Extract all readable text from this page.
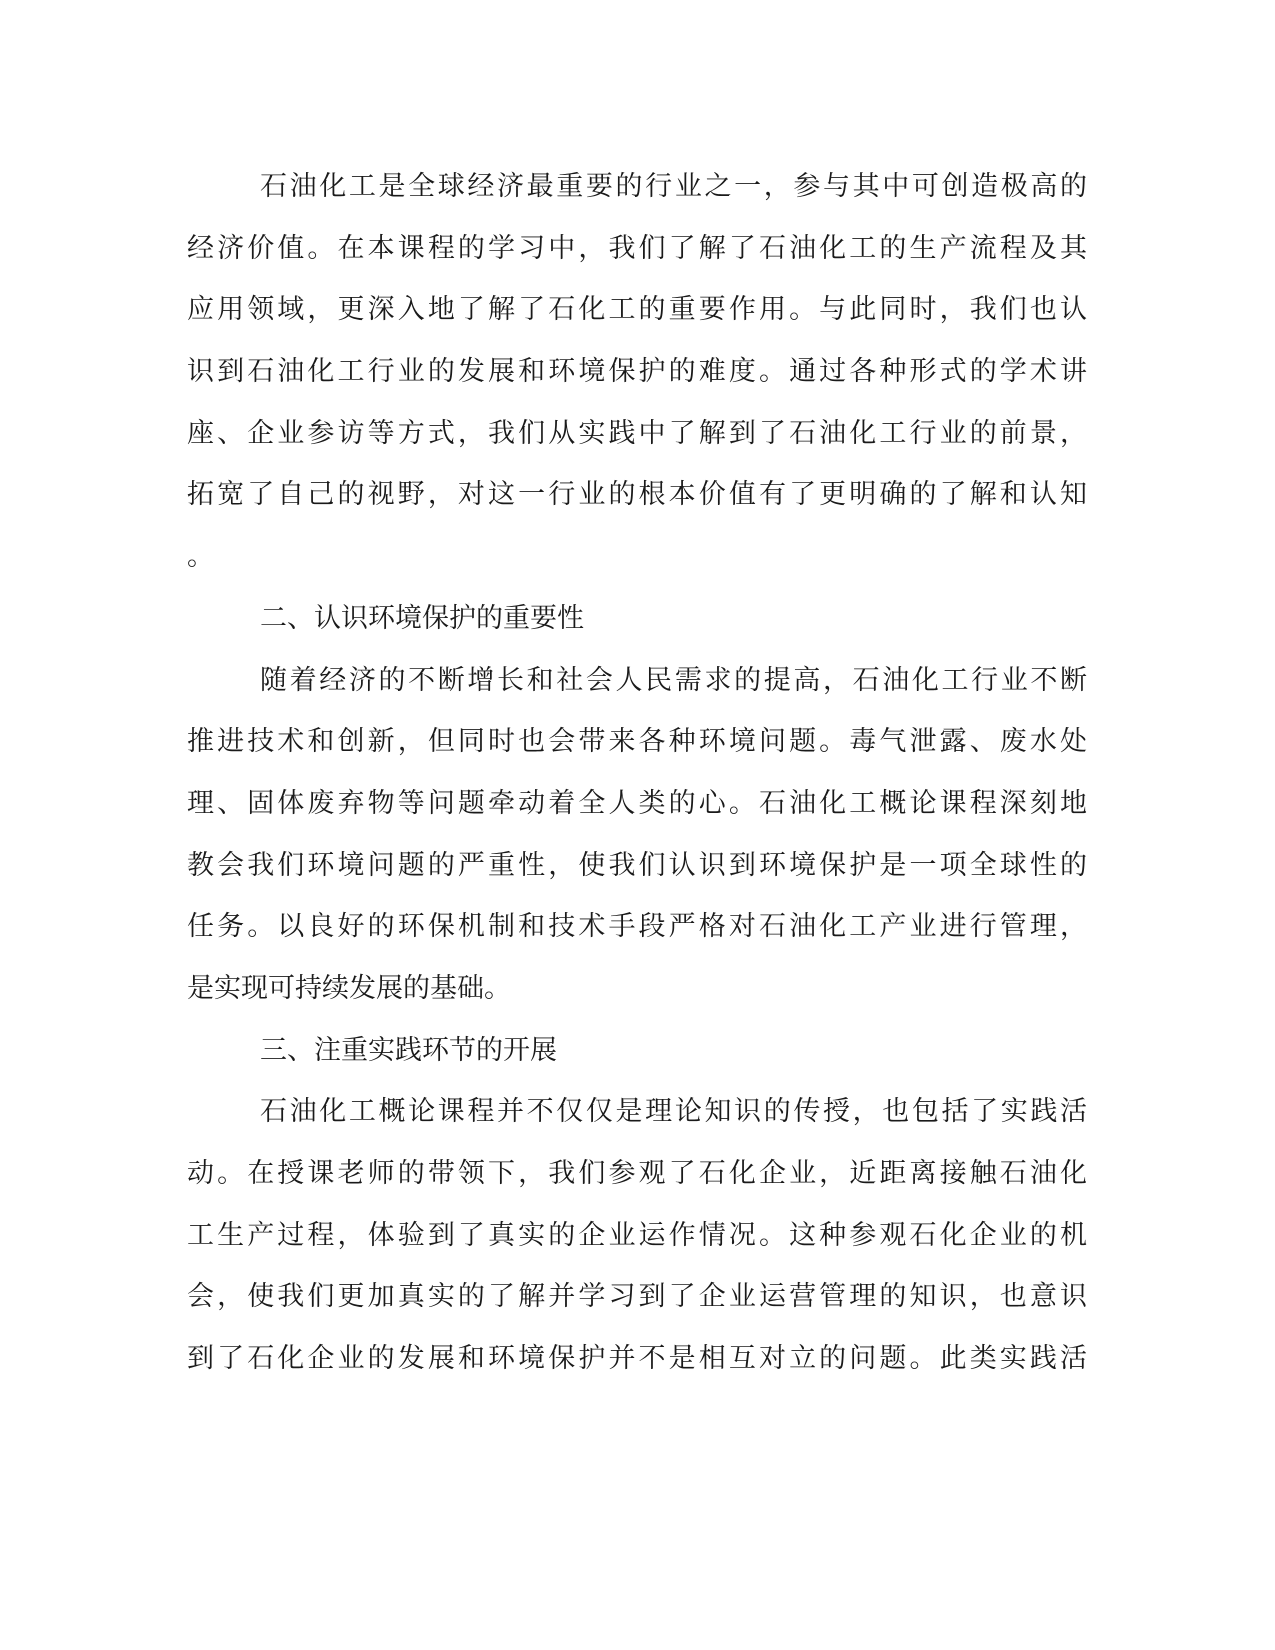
石油化工是全球经济最重要的行业之一，参与其中可创造极高的
经济价值。在本课程的学习中，我们了解了石油化工的生产流程及其
应用领域，更深入地了解了石化工的重要作用。与此同时，我们也认
识到石油化工行业的发展和环境保护的难度。通过各种形式的学术讲
座、企业参访等方式，我们从实践中了解到了石油化工行业的前景，
拓宽了自己的视野，对这一行业的根本价值有了更明确的了解和认知
。
二、认识环境保护的重要性
随着经济的不断增长和社会人民需求的提高，石油化工行业不断
推进技术和创新，但同时也会带来各种环境问题。毒气泄露、废水处
理、固体废弃物等问题牵动着全人类的心。石油化工概论课程深刻地
教会我们环境问题的严重性，使我们认识到环境保护是一项全球性的
任务。以良好的环保机制和技术手段严格对石油化工产业进行管理，
是实现可持续发展的基础。
三、注重实践环节的开展
石油化工概论课程并不仅仅是理论知识的传授，也包括了实践活
动。在授课老师的带领下，我们参观了石化企业，近距离接触石油化
工生产过程，体验到了真实的企业运作情况。这种参观石化企业的机
会，使我们更加真实的了解并学习到了企业运营管理的知识，也意识
到了石化企业的发展和环境保护并不是相互对立的问题。此类实践活
